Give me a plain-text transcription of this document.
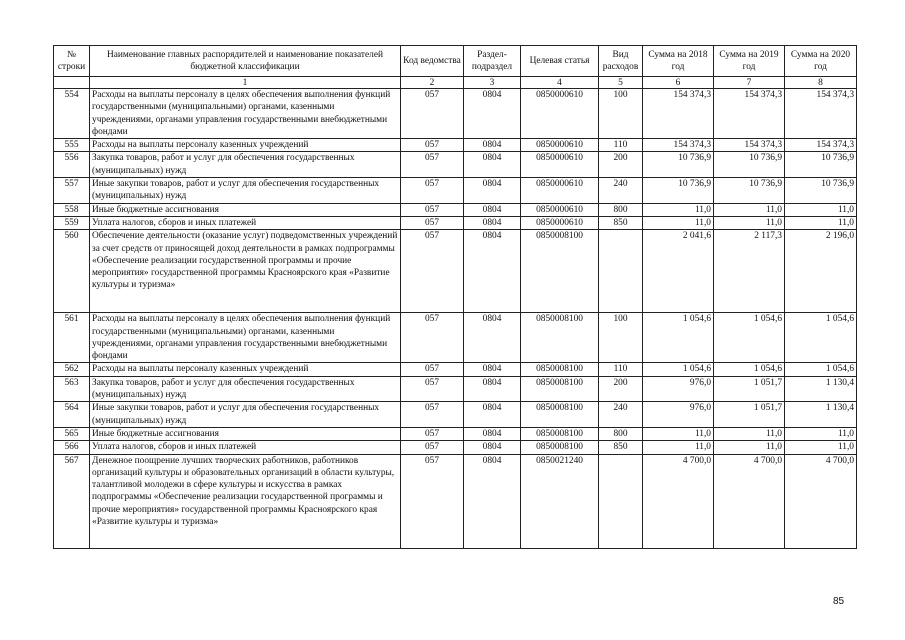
№ строки	Наименование главных распорядителей и наименование показателей бюджетной классификации	Код ведомства	Раздел-подраздел	Целевая статья	Вид расходов	Сумма на 2018 год	Сумма на 2019 год	Сумма на 2020 год
	1	2	3	4	5	6	7	8
554	Расходы на выплаты персоналу в целях обеспечения выполнения функций государственными (муниципальными) органами, казенными учреждениями, органами управления государственными внебюджетными фондами	057	0804	0850000610	100	154 374,3	154 374,3	154 374,3
555	Расходы на выплаты персоналу казенных учреждений	057	0804	0850000610	110	154 374,3	154 374,3	154 374,3
556	Закупка товаров, работ и услуг для обеспечения государственных (муниципальных) нужд	057	0804	0850000610	200	10 736,9	10 736,9	10 736,9
557	Иные закупки товаров, работ и услуг для обеспечения государственных (муниципальных) нужд	057	0804	0850000610	240	10 736,9	10 736,9	10 736,9
558	Иные бюджетные ассигнования	057	0804	0850000610	800	11,0	11,0	11,0
559	Уплата налогов, сборов и иных платежей	057	0804	0850000610	850	11,0	11,0	11,0
560	Обеспечение деятельности (оказание услуг) подведомственных учреждений за счет средств от приносящей доход деятельности в рамках подпрограммы «Обеспечение реализации государственной программы и прочие мероприятия» государственной программы Красноярского края «Развитие культуры и туризма»	057	0804	0850008100		2 041,6	2 117,3	2 196,0
561	Расходы на выплаты персоналу в целях обеспечения выполнения функций государственными (муниципальными) органами, казенными учреждениями, органами управления государственными внебюджетными фондами	057	0804	0850008100	100	1 054,6	1 054,6	1 054,6
562	Расходы на выплаты персоналу казенных учреждений	057	0804	0850008100	110	1 054,6	1 054,6	1 054,6
563	Закупка товаров, работ и услуг для обеспечения государственных (муниципальных) нужд	057	0804	0850008100	200	976,0	1 051,7	1 130,4
564	Иные закупки товаров, работ и услуг для обеспечения государственных (муниципальных) нужд	057	0804	0850008100	240	976,0	1 051,7	1 130,4
565	Иные бюджетные ассигнования	057	0804	0850008100	800	11,0	11,0	11,0
566	Уплата налогов, сборов и иных платежей	057	0804	0850008100	850	11,0	11,0	11,0
567	Денежное поощрение лучших творческих работников, работников организаций культуры и образовательных организаций в области культуры, талантливой молодежи в сфере культуры и искусства в рамках подпрограммы «Обеспечение реализации государственной программы и прочие мероприятия» государственной программы Красноярского края «Развитие культуры и туризма»	057	0804	0850021240		4 700,0	4 700,0	4 700,0
85
